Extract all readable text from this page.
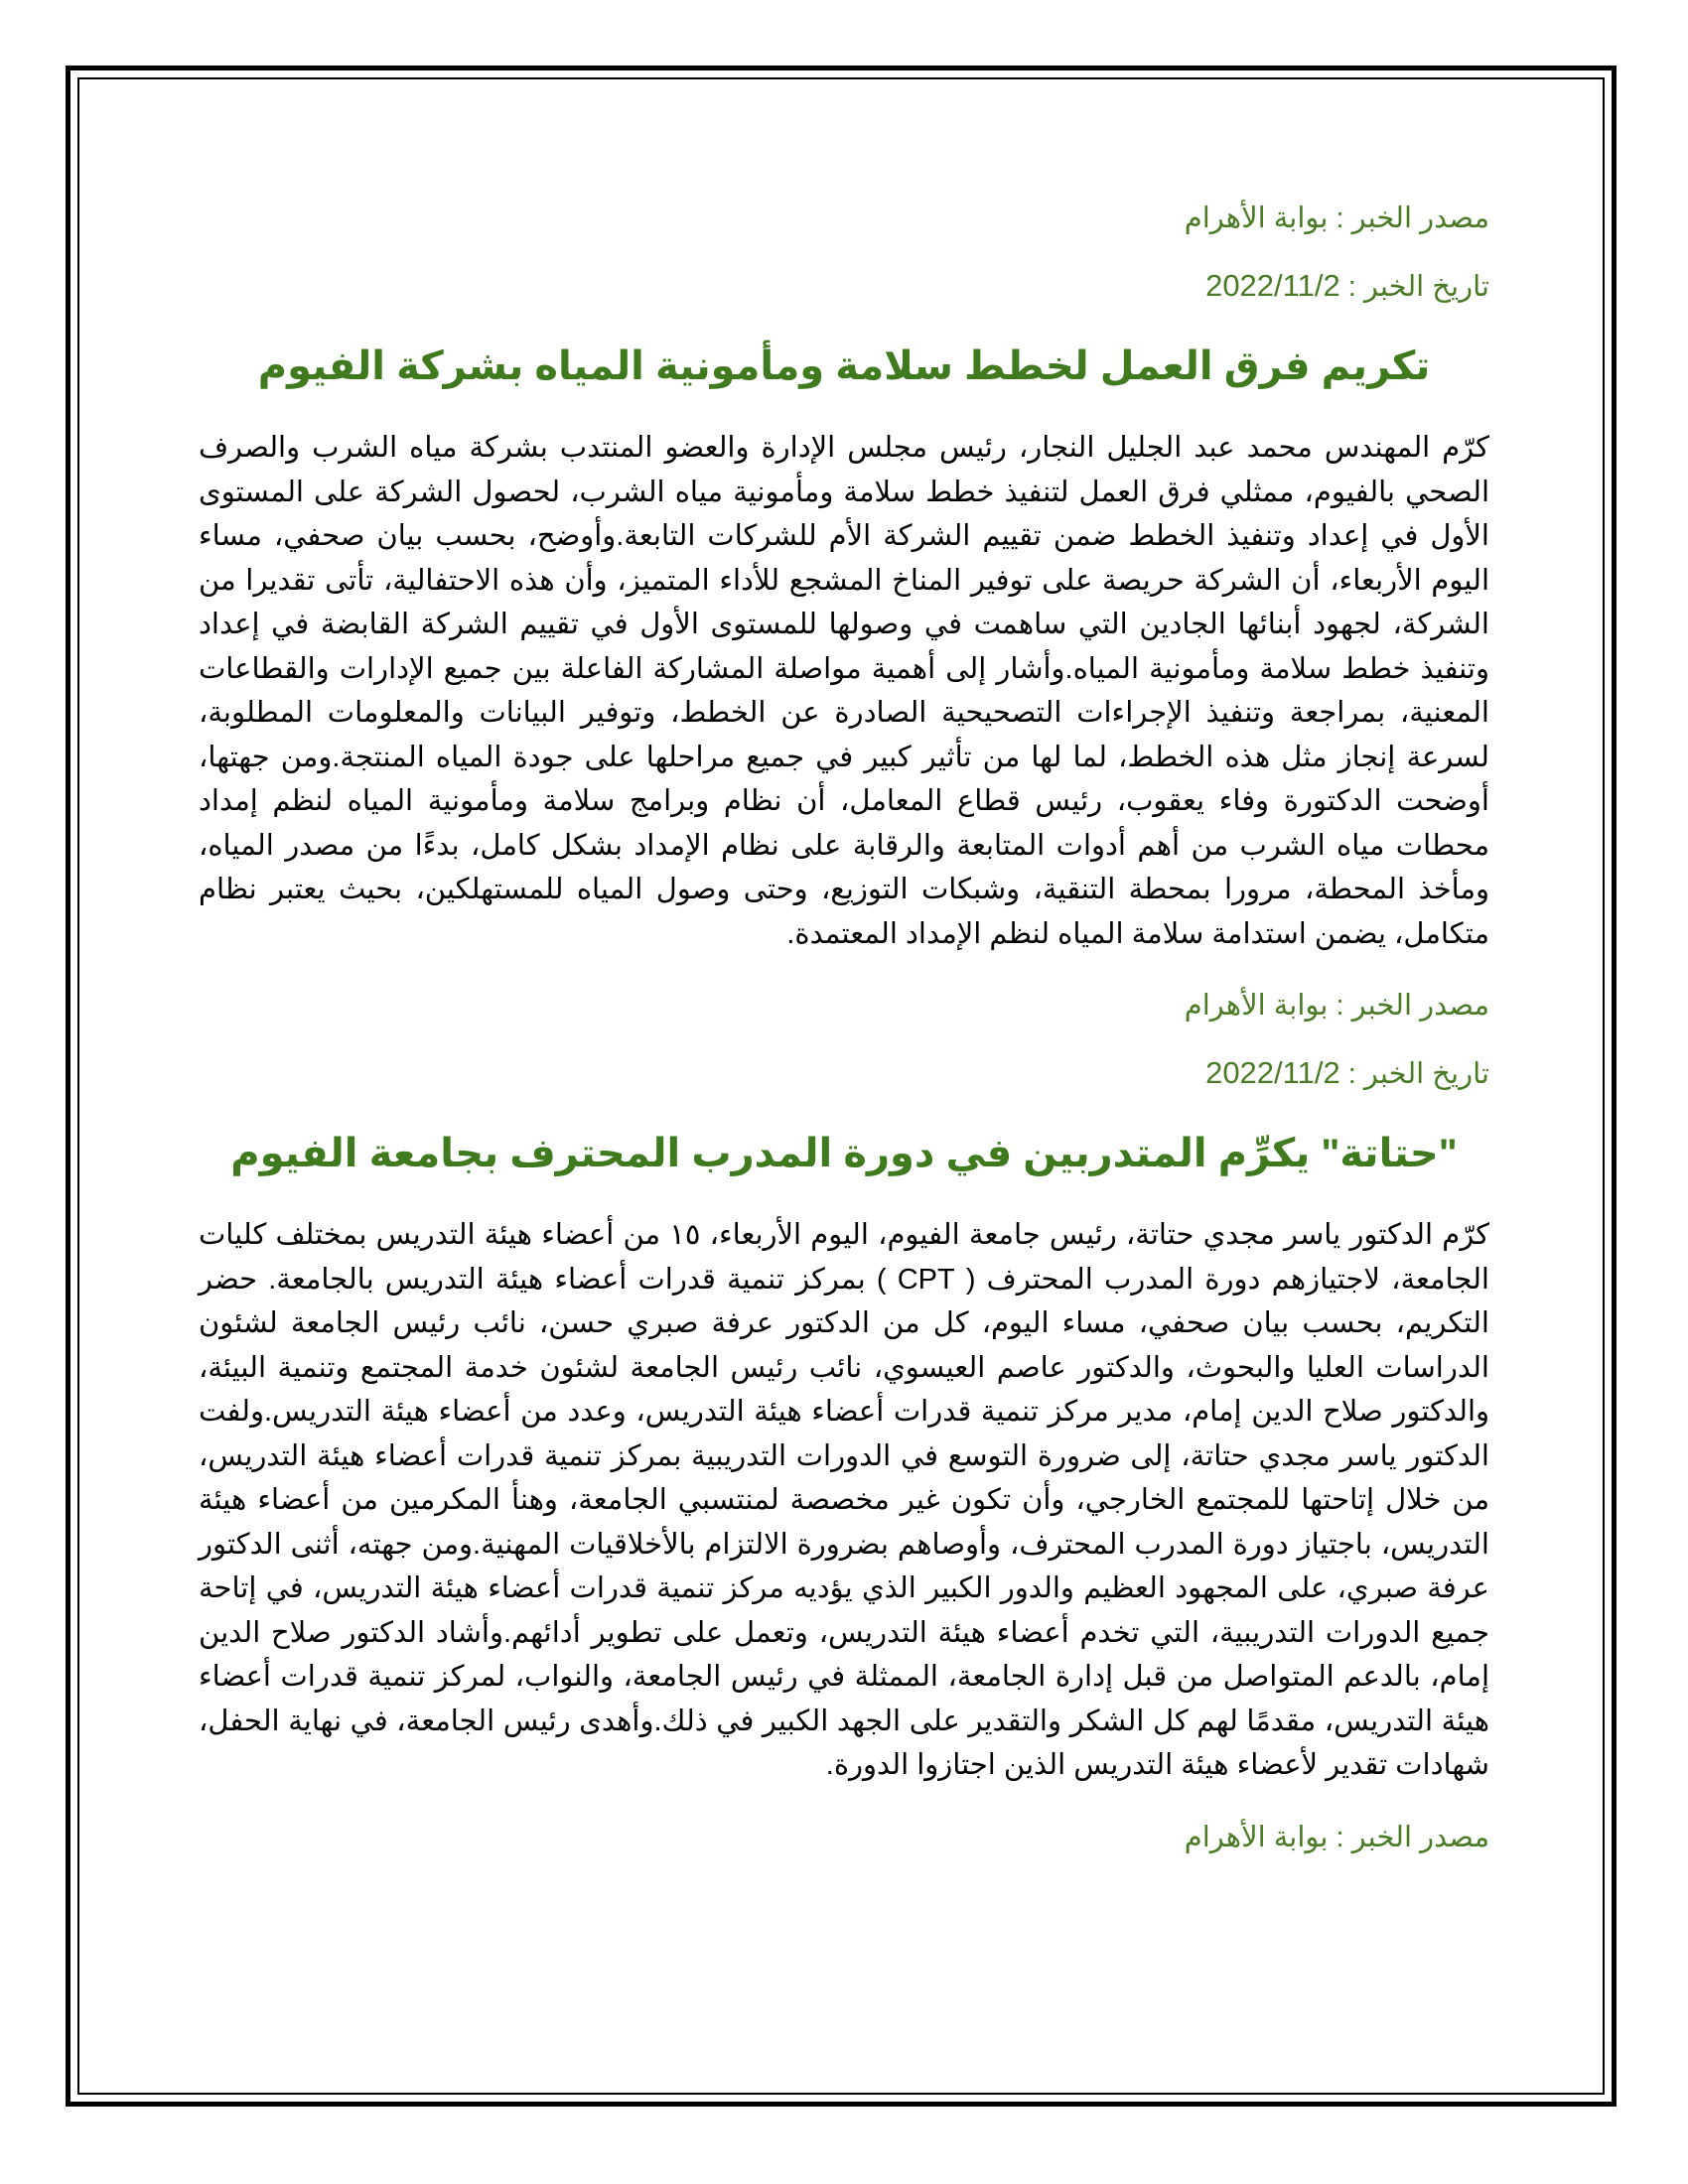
مصدر الخبر : بوابة الأهرام

تاريخ الخبر : 2022/11/2

تكريم فرق العمل لخطط سلامة ومأمونية المياه بشركة الفيوم

كرّم المهندس محمد عبد الجليل النجار، رئيس مجلس الإدارة والعضو المنتدب بشركة مياه الشرب والصرف الصحي بالفيوم، ممثلي فرق العمل لتنفيذ خطط سلامة ومأمونية مياه الشرب، لحصول الشركة على المستوى الأول في إعداد وتنفيذ الخطط ضمن تقييم الشركة الأم للشركات التابعة.وأوضح، بحسب بيان صحفي، مساء اليوم الأربعاء، أن الشركة حريصة على توفير المناخ المشجع للأداء المتميز، وأن هذه الاحتفالية، تأتى تقديرا من الشركة، لجهود أبنائها الجادين التي ساهمت في وصولها للمستوى الأول في تقييم الشركة القابضة في إعداد وتنفيذ خطط سلامة ومأمونية المياه.وأشار إلى أهمية مواصلة المشاركة الفاعلة بين جميع الإدارات والقطاعات المعنية، بمراجعة وتنفيذ الإجراءات التصحيحية الصادرة عن الخطط، وتوفير البيانات والمعلومات المطلوبة، لسرعة إنجاز مثل هذه الخطط، لما لها من تأثير كبير في جميع مراحلها على جودة المياه المنتجة.ومن جهتها، أوضحت الدكتورة وفاء يعقوب، رئيس قطاع المعامل، أن نظام وبرامج سلامة ومأمونية المياه لنظم إمداد محطات مياه الشرب من أهم أدوات المتابعة والرقابة على نظام الإمداد بشكل كامل، بدءًا من مصدر المياه، ومأخذ المحطة، مرورا بمحطة التنقية، وشبكات التوزيع، وحتى وصول المياه للمستهلكين، بحيث يعتبر نظام متكامل، يضمن استدامة سلامة المياه لنظم الإمداد المعتمدة.

مصدر الخبر : بوابة الأهرام

تاريخ الخبر : 2022/11/2

"حتاتة" يكرِّم المتدربين في دورة المدرب المحترف بجامعة الفيوم

كرّم الدكتور ياسر مجدي حتاتة، رئيس جامعة الفيوم، اليوم الأربعاء، ١٥ من أعضاء هيئة التدريس بمختلف كليات الجامعة، لاجتيازهم دورة المدرب المحترف ( CPT ) بمركز تنمية قدرات أعضاء هيئة التدريس بالجامعة. حضر التكريم، بحسب بيان صحفي، مساء اليوم، كل من الدكتور عرفة صبري حسن، نائب رئيس الجامعة لشئون الدراسات العليا والبحوث، والدكتور عاصم العيسوي، نائب رئيس الجامعة لشئون خدمة المجتمع وتنمية البيئة، والدكتور صلاح الدين إمام، مدير مركز تنمية قدرات أعضاء هيئة التدريس، وعدد من أعضاء هيئة التدريس.ولفت الدكتور ياسر مجدي حتاتة، إلى ضرورة التوسع في الدورات التدريبية بمركز تنمية قدرات أعضاء هيئة التدريس، من خلال إتاحتها للمجتمع الخارجي، وأن تكون غير مخصصة لمنتسبي الجامعة، وهنأ المكرمين من أعضاء هيئة التدريس، باجتياز دورة المدرب المحترف، وأوصاهم بضرورة الالتزام بالأخلاقيات المهنية.ومن جهته، أثنى الدكتور عرفة صبري، على المجهود العظيم والدور الكبير الذي يؤديه مركز تنمية قدرات أعضاء هيئة التدريس، في إتاحة جميع الدورات التدريبية، التي تخدم أعضاء هيئة التدريس، وتعمل على تطوير أدائهم.وأشاد الدكتور صلاح الدين إمام، بالدعم المتواصل من قبل إدارة الجامعة، الممثلة في رئيس الجامعة، والنواب، لمركز تنمية قدرات أعضاء هيئة التدريس، مقدمًا لهم كل الشكر والتقدير على الجهد الكبير في ذلك.وأهدى رئيس الجامعة، في نهاية الحفل، شهادات تقدير لأعضاء هيئة التدريس الذين اجتازوا الدورة.

مصدر الخبر : بوابة الأهرام
